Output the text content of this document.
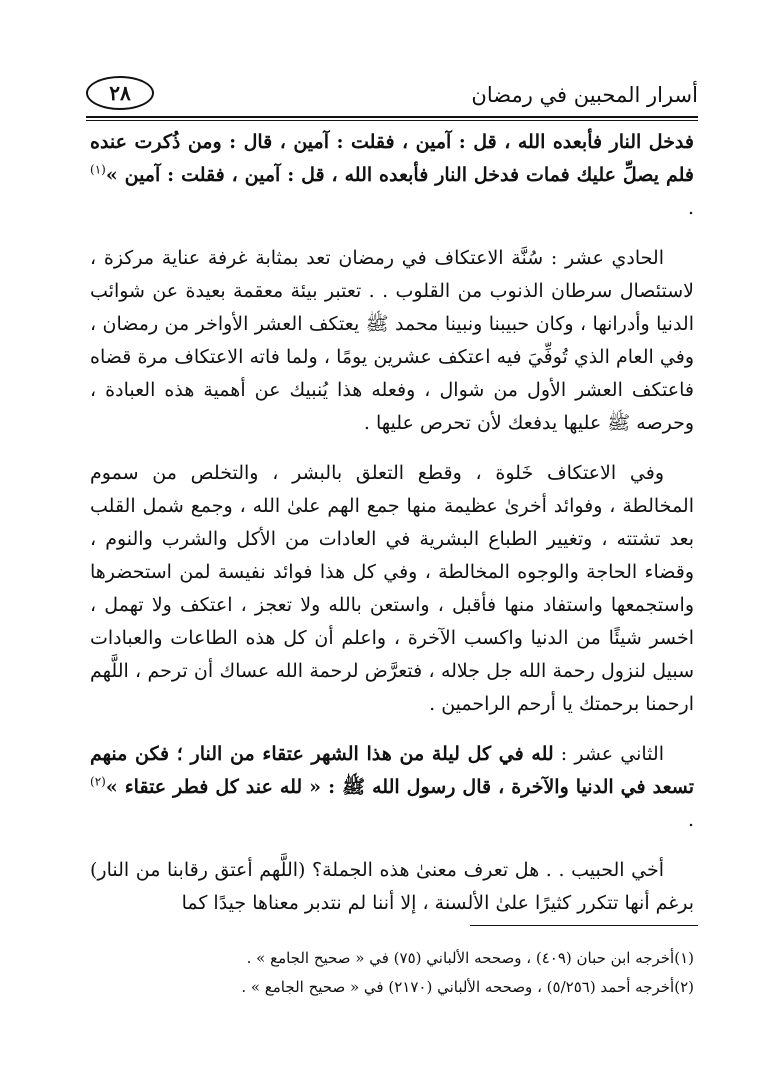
أسرار المحبين في رمضان
٢٨

فدخل النار فأبعده الله ، قل : آمين ، فقلت : آمين ، قال : ومن ذُكرت عنده فلم يصلِّ عليك فمات فدخل النار فأبعده الله ، قل : آمين ، فقلت : آمين »$^{(١)}$ .

الحادي عشر : سُنَّة الاعتكاف في رمضان تعد بمثابة غرفة عناية مركزة ، لاستئصال سرطان الذنوب من القلوب . . تعتبر بيئة معقمة بعيدة عن شوائب الدنيا وأدرانها ، وكان حبيبنا ونبينا محمد ﷺ يعتكف العشر الأواخر من رمضان ، وفي العام الذي تُوفِّيَ فيه اعتكف عشرين يومًا ، ولما فاته الاعتكاف مرة قضاه فاعتكف العشر الأول من شوال ، وفعله هذا يُنبيك عن أهمية هذه العبادة ، وحرصه ﷺ عليها يدفعك لأن تحرص عليها .

وفي الاعتكاف خَلوة ، وقطع التعلق بالبشر ، والتخلص من سموم المخالطة ، وفوائد أخرىٰ عظيمة منها جمع الهم علىٰ الله ، وجمع شمل القلب بعد تشتته ، وتغيير الطباع البشرية في العادات من الأكل والشرب والنوم ، وقضاء الحاجة والوجوه المخالطة ، وفي كل هذا فوائد نفيسة لمن استحضرها واستجمعها واستفاد منها فأقبل ، واستعن بالله ولا تعجز ، اعتكف ولا تهمل ، اخسر شيئًا من الدنيا واكسب الآخرة ، واعلم أن كل هذه الطاعات والعبادات سبيل لنزول رحمة الله جل جلاله ، فتعرَّض لرحمة الله عساك أن ترحم ، اللَّهم ارحمنا برحمتك يا أرحم الراحمين .

الثاني عشر : لله في كل ليلة من هذا الشهر عتقاء من النار ؛ فكن منهم تسعد في الدنيا والآخرة ، قال رسول الله ﷺ : « لله عند كل فطر عتقاء »$^{(٢)}$ .

أخي الحبيب . . هل تعرف معنىٰ هذه الجملة؟ (اللَّهم أعتق رقابنا من النار) برغم أنها تتكرر كثيرًا علىٰ الألسنة ، إلا أننا لم نتدبر معناها جيدًا كما

(١)أخرجه ابن حبان (٤٠٩) ، وصححه الألباني (٧٥) في « صحيح الجامع » .

(٢)أخرجه أحمد (٥/٢٥٦) ، وصححه الألباني (٢١٧٠) في « صحيح الجامع » .
